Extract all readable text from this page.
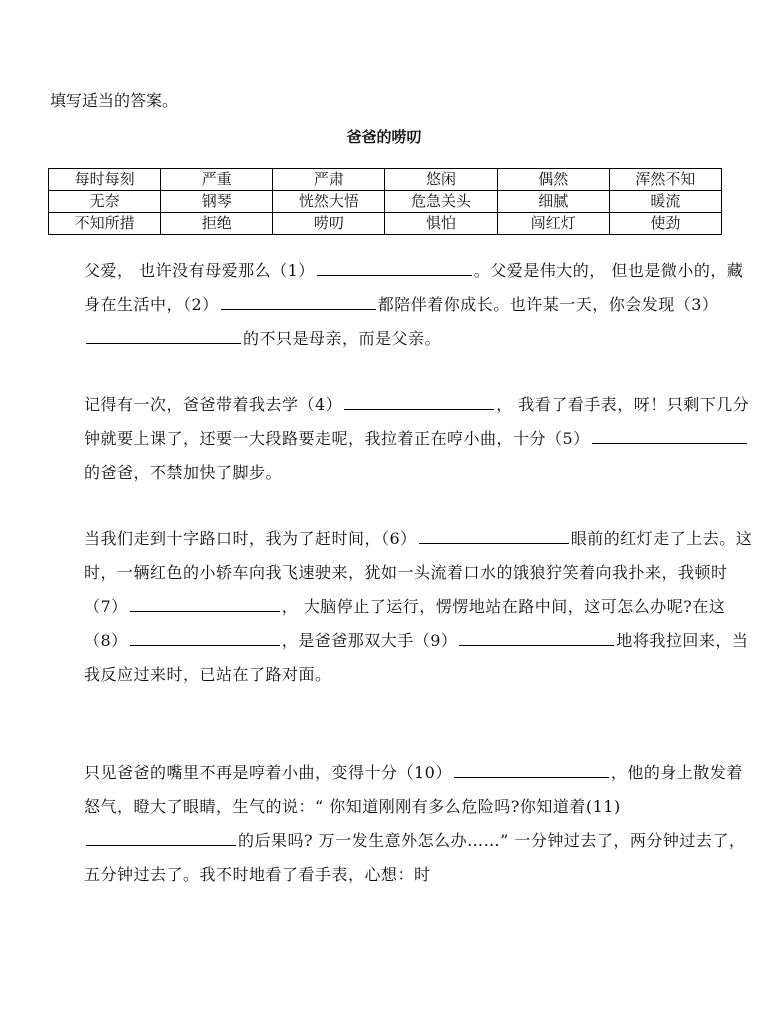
填写适当的答案。
爸爸的唠叨
每时每刻	严重	严肃	悠闲	偶然	浑然不知
无奈	钢琴	恍然大悟	危急关头	细腻	暖流
不知所措	拒绝	唠叨	惧怕	闯红灯	使劲
父爱， 也许没有母爱那么（1）	。父爱是伟大的， 但也是微小的，藏身在生活中，（2）	都陪伴着你成长。也许某一天，你会发现（3）的不只是母亲，而是父亲。
记得有一次，爸爸带着我去学（4）	， 我看了看手表，呀！只剩下几分钟就要上课了，还要一大段路要走呢，我拉着正在哼小曲，十分（5）的爸爸，不禁加快了脚步。
当我们走到十字路口时，我为了赶时间，（6）	眼前的红灯走了上去。这时，一辆红色的小轿车向我飞速驶来，犹如一头流着口水的饿狼狞笑着向我扑来，我顿时（7）	， 大脑停止了运行，愣愣地站在路中间，这可怎么办呢?在这（8）	，是爸爸那双大手（9）	地将我拉回来，当我反应过来时，已站在了路对面。
只见爸爸的嘴里不再是哼着小曲，变得十分（10）	，他的身上散发着怒气，瞪大了眼睛，生气的说：“ 你知道刚刚有多么危险吗?你知道着(11)的后果吗? 万一发生意外怎么办……” 一分钟过去了，两分钟过去了，五分钟过去了。我不时地看了看手表，心想：时
